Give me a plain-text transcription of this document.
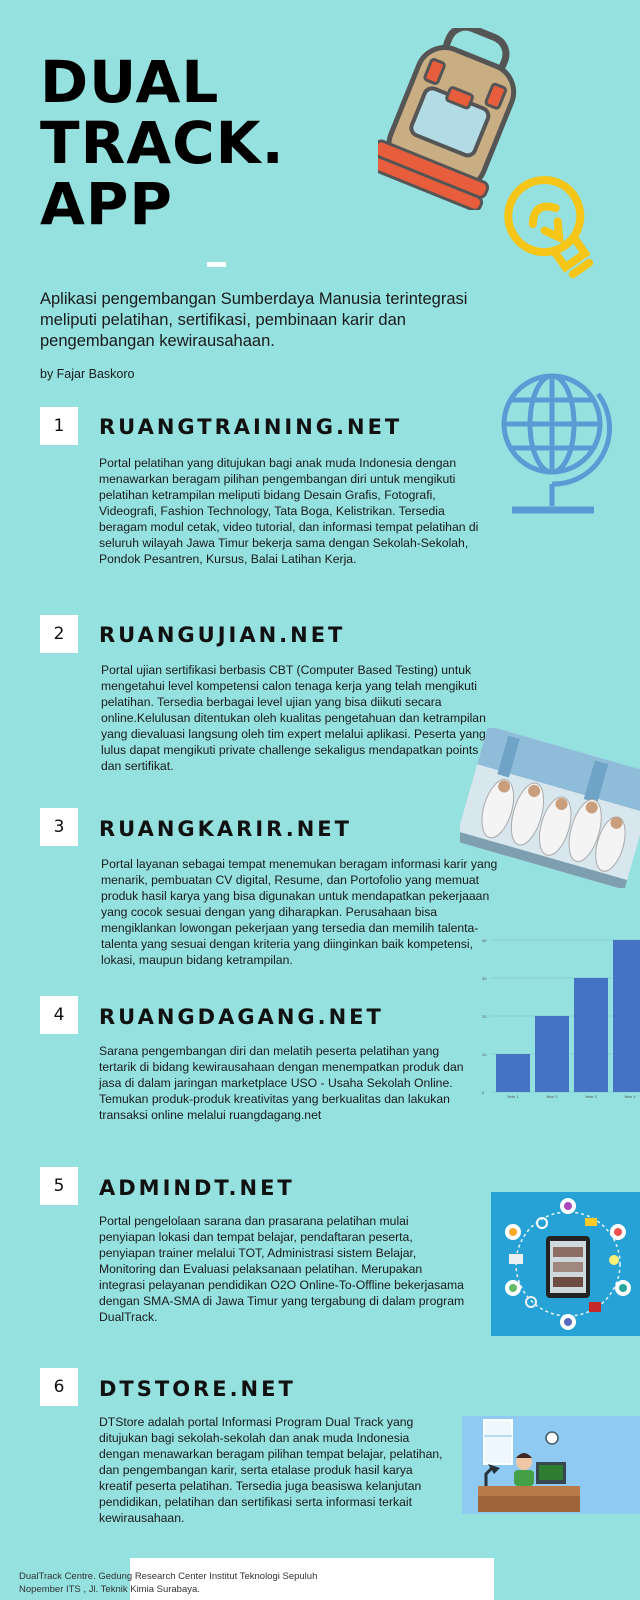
DUAL
TRACK.
APP
Aplikasi pengembangan Sumberdaya Manusia terintegrasi meliputi pelatihan, sertifikasi, pembinaan karir dan pengembangan kewirausahaan.
by Fajar Baskoro
1	RUANGTRAINING.NET
Portal pelatihan yang ditujukan bagi anak muda Indonesia dengan menawarkan beragam pilihan pengembangan diri untuk mengikuti pelatihan ketrampilan meliputi bidang Desain Grafis, Fotografi, Videografi, Fashion Technology, Tata Boga, Kelistrikan. Tersedia beragam modul cetak, video tutorial, dan informasi tempat pelatihan di seluruh wilayah Jawa Timur bekerja sama dengan Sekolah-Sekolah, Pondok Pesantren, Kursus, Balai Latihan Kerja.
2	RUANGUJIAN.NET
Portal ujian sertifikasi berbasis CBT (Computer Based Testing) untuk mengetahui level kompetensi calon tenaga kerja yang telah mengikuti pelatihan. Tersedia berbagai level ujian yang bisa diikuti secara online.Kelulusan ditentukan oleh kualitas pengetahuan dan ketrampilan yang dievaluasi langsung oleh tim expert melalui aplikasi. Peserta yang lulus dapat mengikuti private challenge sekaligus mendapatkan points dan sertifikat.
3	RUANGKARIR.NET
Portal layanan sebagai tempat menemukan beragam informasi karir yang menarik, pembuatan CV digital, Resume, dan Portofolio yang memuat produk hasil karya yang bisa digunakan untuk mendapatkan pekerjaaan yang cocok sesuai dengan yang diharapkan. Perusahaan bisa mengiklankan lowongan pekerjaan yang tersedia dan memilih talenta-talenta yang sesuai dengan kriteria yang diinginkan baik kompetensi, lokasi, maupun bidang ketrampilan.
0
10
20
30
40
Item 1	Item 2	Item 3	Item 4
4	RUANGDAGANG.NET
Sarana pengembangan diri dan melatih peserta pelatihan yang tertarik di bidang kewirausahaan dengan menempatkan produk dan jasa di dalam jaringan marketplace USO - Usaha Sekolah Online. Temukan produk-produk kreativitas yang berkualitas dan lakukan transaksi online melalui ruangdagang.net
5	ADMINDT.NET
Portal pengelolaan sarana dan prasarana pelatihan mulai penyiapan lokasi dan tempat belajar, pendaftaran peserta, penyiapan trainer melalui TOT, Administrasi sistem Belajar, Monitoring dan Evaluasi pelaksanaan pelatihan. Merupakan integrasi pelayanan pendidikan O2O Online-To-Offline bekerjasama dengan SMA-SMA di Jawa Timur yang tergabung di dalam program DualTrack.
6	DTSTORE.NET
DTStore adalah portal Informasi Program Dual Track yang ditujukan bagi sekolah-sekolah dan anak muda Indonesia dengan menawarkan beragam pilihan tempat belajar, pelatihan, dan pengembangan karir, serta etalase produk hasil karya kreatif peserta pelatihan. Tersedia juga beasiswa kelanjutan pendidikan, pelatihan dan sertifikasi serta informasi terkait kewirausahaan.
DualTrack Centre. Gedung Research Center Institut Teknologi Sepuluh Nopember ITS , Jl. Teknik Kimia Surabaya.
